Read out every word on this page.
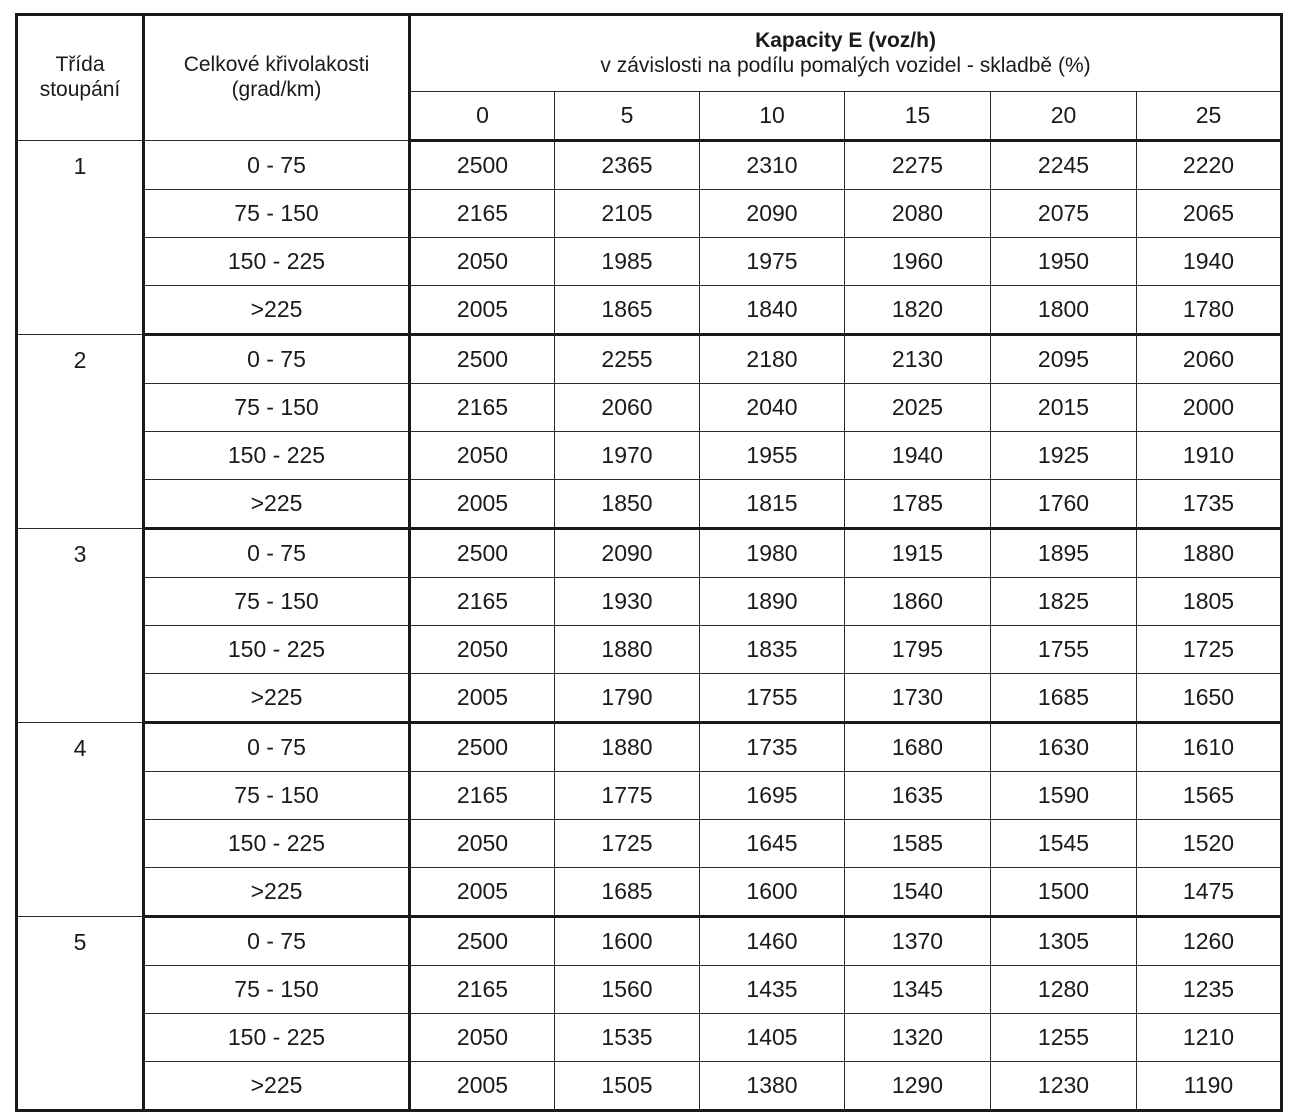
Třída stoupání	Celkové křivolakosti (grad/km)	Kapacity E (voz/h)
v závislosti na podílu pomalých vozidel - skladbě (%)					

		0	5	10	15	20	25
1	0 - 75	2500	2365	2310	2275	2245	2220
	75 - 150	2165	2105	2090	2080	2075	2065
	150 - 225	2050	1985	1975	1960	1950	1940
	>225	2005	1865	1840	1820	1800	1780
2	0 - 75	2500	2255	2180	2130	2095	2060
	75 - 150	2165	2060	2040	2025	2015	2000
	150 - 225	2050	1970	1955	1940	1925	1910
	>225	2005	1850	1815	1785	1760	1735
3	0 - 75	2500	2090	1980	1915	1895	1880
	75 - 150	2165	1930	1890	1860	1825	1805
	150 - 225	2050	1880	1835	1795	1755	1725
	>225	2005	1790	1755	1730	1685	1650
4	0 - 75	2500	1880	1735	1680	1630	1610
	75 - 150	2165	1775	1695	1635	1590	1565
	150 - 225	2050	1725	1645	1585	1545	1520
	>225	2005	1685	1600	1540	1500	1475
5	0 - 75	2500	1600	1460	1370	1305	1260
	75 - 150	2165	1560	1435	1345	1280	1235
	150 - 225	2050	1535	1405	1320	1255	1210
	>225	2005	1505	1380	1290	1230	1190
